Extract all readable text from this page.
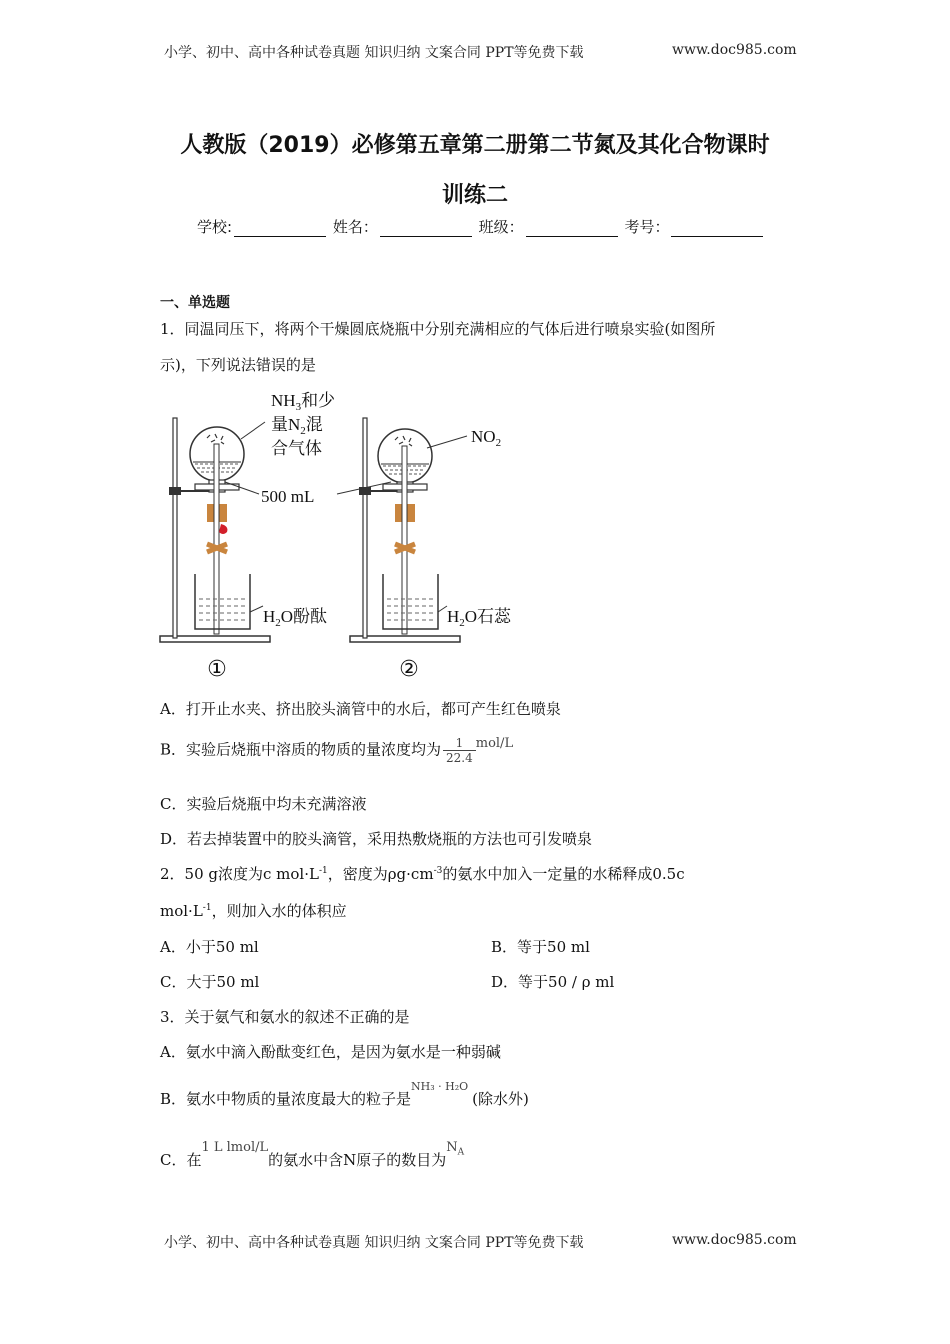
小学、初中、高中各种试卷真题 知识归纳 文案合同 PPT等免费下载	www.doc985.com
人教版（2019）必修第五章第二册第二节氮及其化合物课时
训练二
学校:	姓名：	班级：	考号：
一、单选题
1．同温同压下，将两个干燥圆底烧瓶中分别充满相应的气体后进行喷泉实验(如图所
示)，下列说法错误的是
$NH_3$和少
量$N_2$混
合气体
$NO_2$
500 mL
$H_2O$酚酞	$H_2O$石蕊
①	②
A．打开止水夹、挤出胶头滴管中的水后，都可产生红色喷泉
B．实验后烧瓶中溶质的物质的量浓度均为 $\frac{1}{22.4} mol/L$
C．实验后烧瓶中均未充满溶液
D．若去掉装置中的胶头滴管，采用热敷烧瓶的方法也可引发喷泉
2．50 g浓度为c $mol\cdot L^{-1}$，密度为$\rho g\cdot cm^{-3}$的氨水中加入一定量的水稀释成0.5c
$mol\cdot L^{-1}$，则加入水的体积应
A．小于50 ml	B．等于50 ml
C．大于50 ml	D．等于50 / ρ ml
3．关于氨气和氨水的叙述不正确的是
A．氨水中滴入酚酞变红色，是因为氨水是一种弱碱
B．氨水中物质的量浓度最大的粒子是$^{NH_3 \cdot H_2O}$(除水外)
C．在1 L lmol/L的氨水中含N原子的数目为$N_A$
小学、初中、高中各种试卷真题 知识归纳 文案合同 PPT等免费下载	www.doc985.com
